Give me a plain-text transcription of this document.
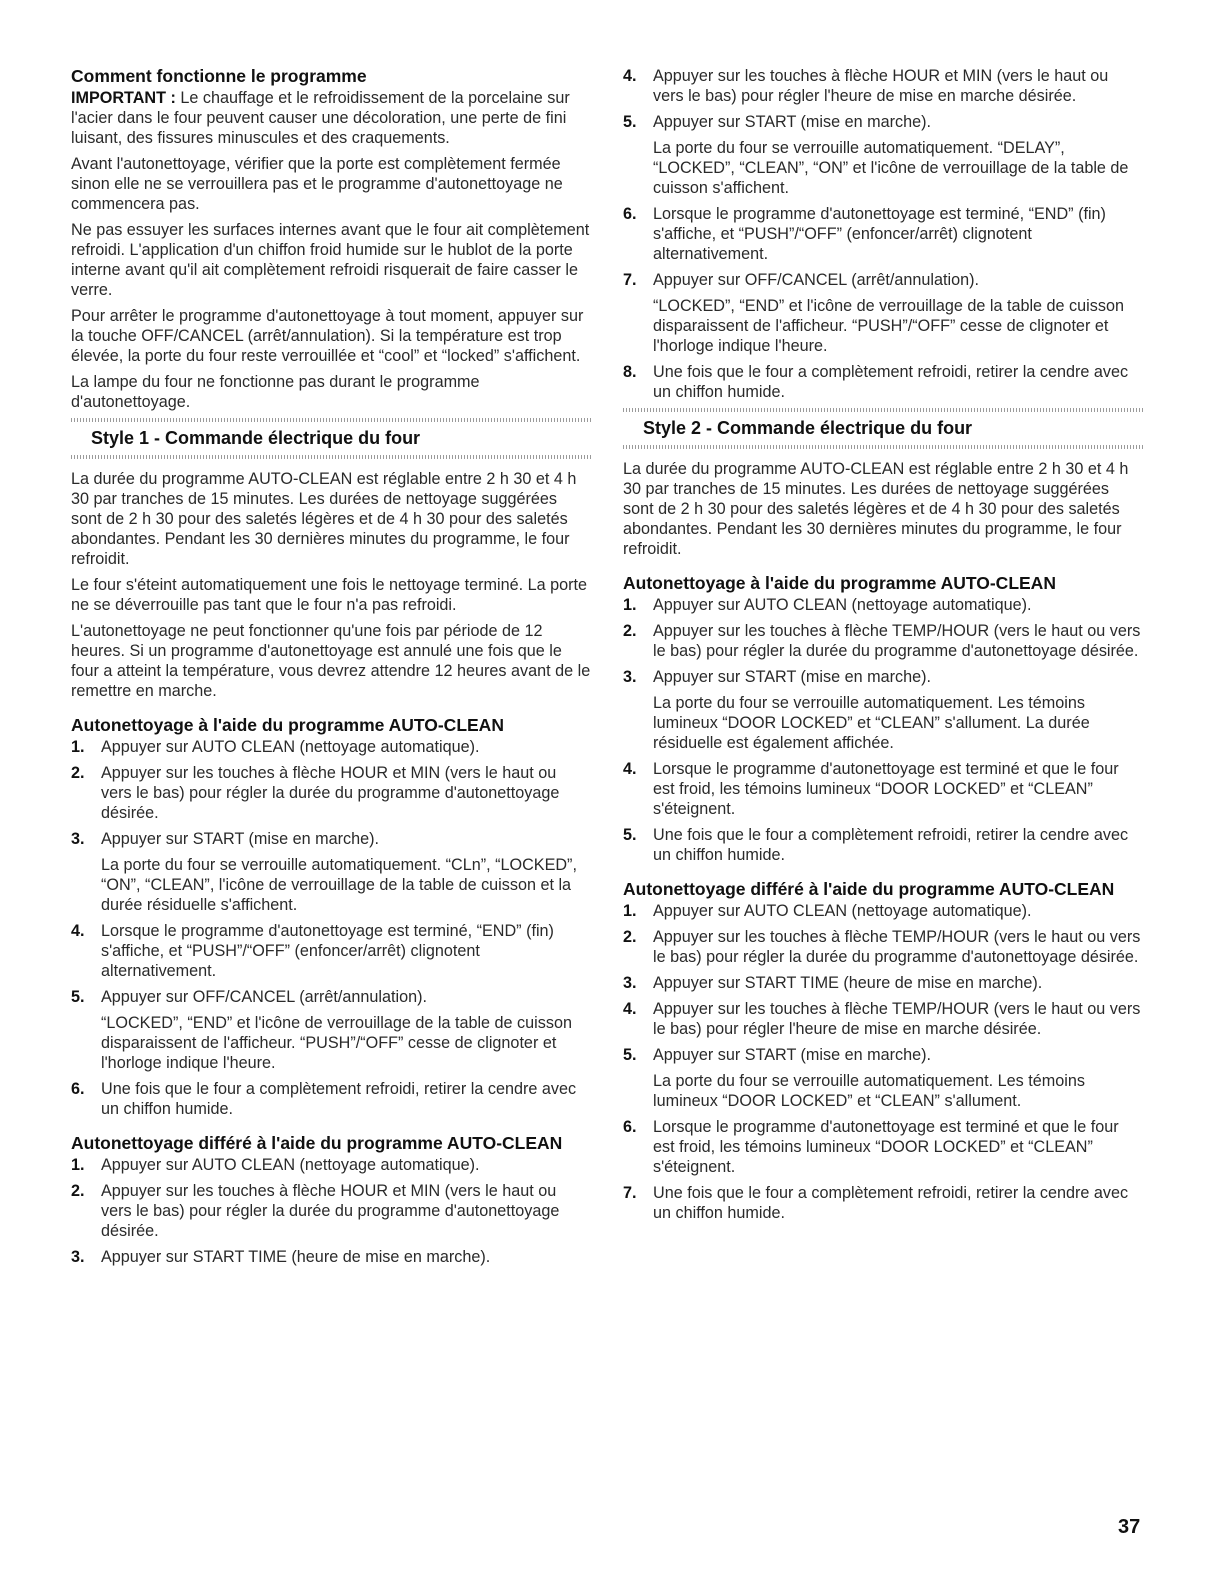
Comment fonctionne le programme

IMPORTANT : Le chauffage et le refroidissement de la porcelaine sur l'acier dans le four peuvent causer une décoloration, une perte de fini luisant, des fissures minuscules et des craquements.

Avant l'autonettoyage, vérifier que la porte est complètement fermée sinon elle ne se verrouillera pas et le programme d'autonettoyage ne commencera pas.

Ne pas essuyer les surfaces internes avant que le four ait complètement refroidi. L'application d'un chiffon froid humide sur le hublot de la porte interne avant qu'il ait complètement refroidi risquerait de faire casser le verre.

Pour arrêter le programme d'autonettoyage à tout moment, appuyer sur la touche OFF/CANCEL (arrêt/annulation). Si la température est trop élevée, la porte du four reste verrouillée et “cool” et “locked” s'affichent.

La lampe du four ne fonctionne pas durant le programme d'autonettoyage.

Style 1 - Commande électrique du four

La durée du programme AUTO-CLEAN est réglable entre 2 h 30 et 4 h 30 par tranches de 15 minutes. Les durées de nettoyage suggérées sont de 2 h 30 pour des saletés légères et de 4 h 30 pour des saletés abondantes. Pendant les 30 dernières minutes du programme, le four refroidit.

Le four s'éteint automatiquement une fois le nettoyage terminé. La porte ne se déverrouille pas tant que le four n'a pas refroidi.

L'autonettoyage ne peut fonctionner qu'une fois par période de 12 heures. Si un programme d'autonettoyage est annulé une fois que le four a atteint la température, vous devrez attendre 12 heures avant de le remettre en marche.

Autonettoyage à l'aide du programme AUTO-CLEAN
1. Appuyer sur AUTO CLEAN (nettoyage automatique).
2. Appuyer sur les touches à flèche HOUR et MIN (vers le haut ou vers le bas) pour régler la durée du programme d'autonettoyage désirée.
3. Appuyer sur START (mise en marche).
La porte du four se verrouille automatiquement. “CLn”, “LOCKED”, “ON”, “CLEAN”, l'icône de verrouillage de la table de cuisson et la durée résiduelle s'affichent.
4. Lorsque le programme d'autonettoyage est terminé, “END” (fin) s'affiche, et “PUSH”/“OFF” (enfoncer/arrêt) clignotent alternativement.
5. Appuyer sur OFF/CANCEL (arrêt/annulation).
“LOCKED”, “END” et l'icône de verrouillage de la table de cuisson disparaissent de l'afficheur. “PUSH”/“OFF” cesse de clignoter et l'horloge indique l'heure.
6. Une fois que le four a complètement refroidi, retirer la cendre avec un chiffon humide.
Autonettoyage différé à l'aide du programme AUTO-CLEAN
1. Appuyer sur AUTO CLEAN (nettoyage automatique).
2. Appuyer sur les touches à flèche HOUR et MIN (vers le haut ou vers le bas) pour régler la durée du programme d'autonettoyage désirée.
3. Appuyer sur START TIME (heure de mise en marche).
4. Appuyer sur les touches à flèche HOUR et MIN (vers le haut ou vers le bas) pour régler l'heure de mise en marche désirée.
5. Appuyer sur START (mise en marche).
La porte du four se verrouille automatiquement. “DELAY”, “LOCKED”, “CLEAN”, “ON” et l'icône de verrouillage de la table de cuisson s'affichent.
6. Lorsque le programme d'autonettoyage est terminé, “END” (fin) s'affiche, et “PUSH”/“OFF” (enfoncer/arrêt) clignotent alternativement.
7. Appuyer sur OFF/CANCEL (arrêt/annulation).
“LOCKED”, “END” et l'icône de verrouillage de la table de cuisson disparaissent de l'afficheur. “PUSH”/“OFF” cesse de clignoter et l'horloge indique l'heure.
8. Une fois que le four a complètement refroidi, retirer la cendre avec un chiffon humide.
Style 2 - Commande électrique du four

La durée du programme AUTO-CLEAN est réglable entre 2 h 30 et 4 h 30 par tranches de 15 minutes. Les durées de nettoyage suggérées sont de 2 h 30 pour des saletés légères et de 4 h 30 pour des saletés abondantes. Pendant les 30 dernières minutes du programme, le four refroidit.

Autonettoyage à l'aide du programme AUTO-CLEAN
1. Appuyer sur AUTO CLEAN (nettoyage automatique).
2. Appuyer sur les touches à flèche TEMP/HOUR (vers le haut ou vers le bas) pour régler la durée du programme d'autonettoyage désirée.
3. Appuyer sur START (mise en marche).
La porte du four se verrouille automatiquement. Les témoins lumineux “DOOR LOCKED” et “CLEAN” s'allument. La durée résiduelle est également affichée.
4. Lorsque le programme d'autonettoyage est terminé et que le four est froid, les témoins lumineux “DOOR LOCKED” et “CLEAN” s'éteignent.
5. Une fois que le four a complètement refroidi, retirer la cendre avec un chiffon humide.
Autonettoyage différé à l'aide du programme AUTO-CLEAN
1. Appuyer sur AUTO CLEAN (nettoyage automatique).
2. Appuyer sur les touches à flèche TEMP/HOUR (vers le haut ou vers le bas) pour régler la durée du programme d'autonettoyage désirée.
3. Appuyer sur START TIME (heure de mise en marche).
4. Appuyer sur les touches à flèche TEMP/HOUR (vers le haut ou vers le bas) pour régler l'heure de mise en marche désirée.
5. Appuyer sur START (mise en marche).
La porte du four se verrouille automatiquement. Les témoins lumineux “DOOR LOCKED” et “CLEAN” s'allument.
6. Lorsque le programme d'autonettoyage est terminé et que le four est froid, les témoins lumineux “DOOR LOCKED” et “CLEAN” s'éteignent.
7. Une fois que le four a complètement refroidi, retirer la cendre avec un chiffon humide.
37
